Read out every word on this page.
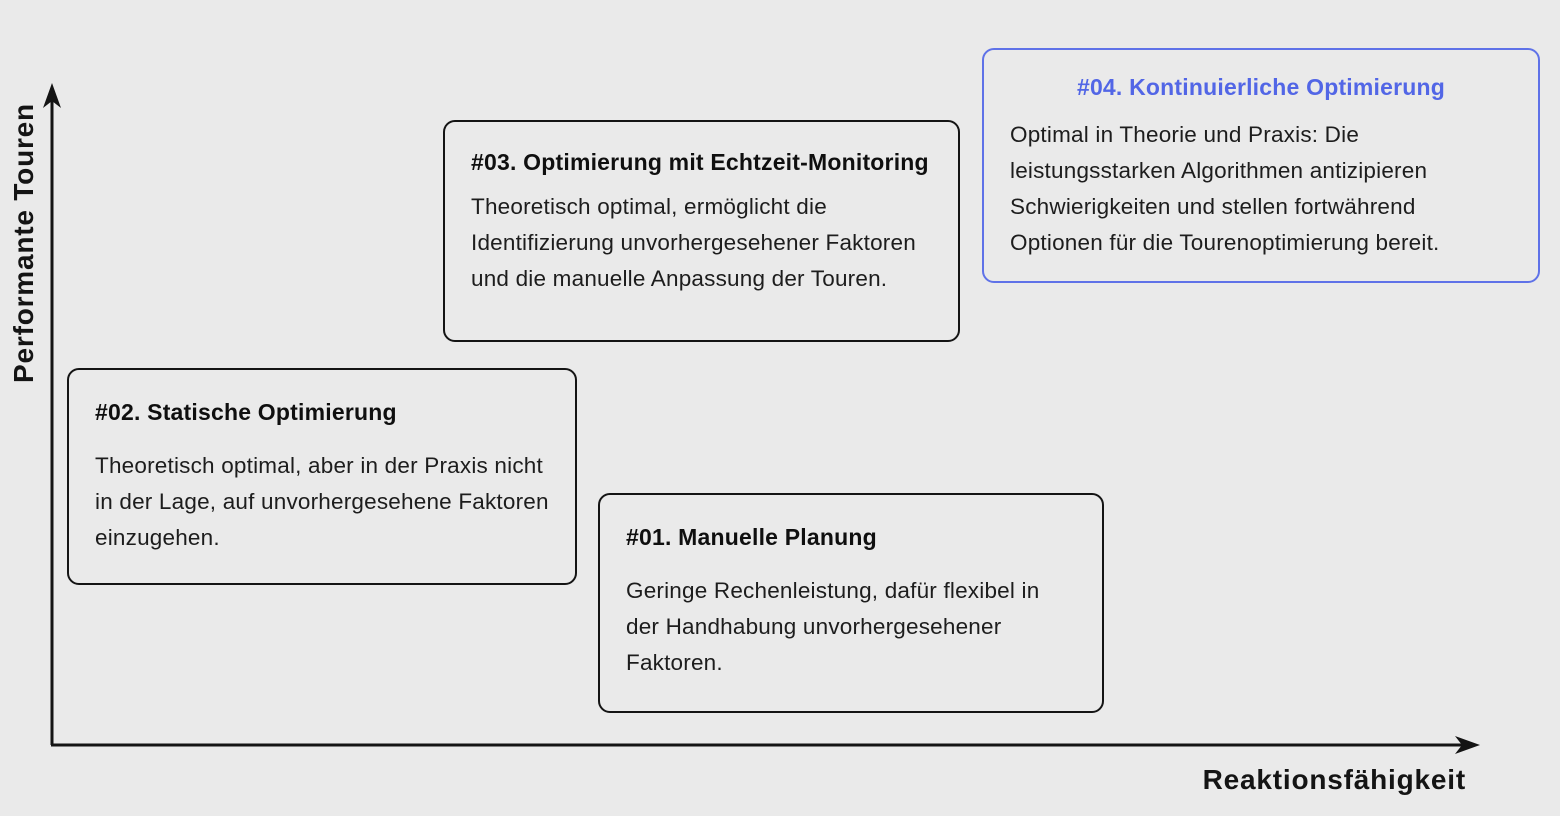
Performante Touren
Reaktionsfähigkeit
#01. Manuelle Planung
Geringe Rechenleistung, dafür flexibel in der Handhabung unvorhergesehener Faktoren.
#02. Statische Optimierung
Theoretisch optimal, aber in der Praxis nicht in der Lage, auf unvorhergesehene Faktoren einzugehen.
#03. Optimierung mit Echtzeit-Monitoring
Theoretisch optimal, ermöglicht die Identifizierung unvorhergesehener Faktoren und die manuelle Anpassung der Touren.
#04. Kontinuierliche Optimierung
Optimal in Theorie und Praxis: Die leistungsstarken Algorithmen antizipieren Schwierigkeiten und stellen fortwährend Optionen für die Tourenoptimierung bereit.
